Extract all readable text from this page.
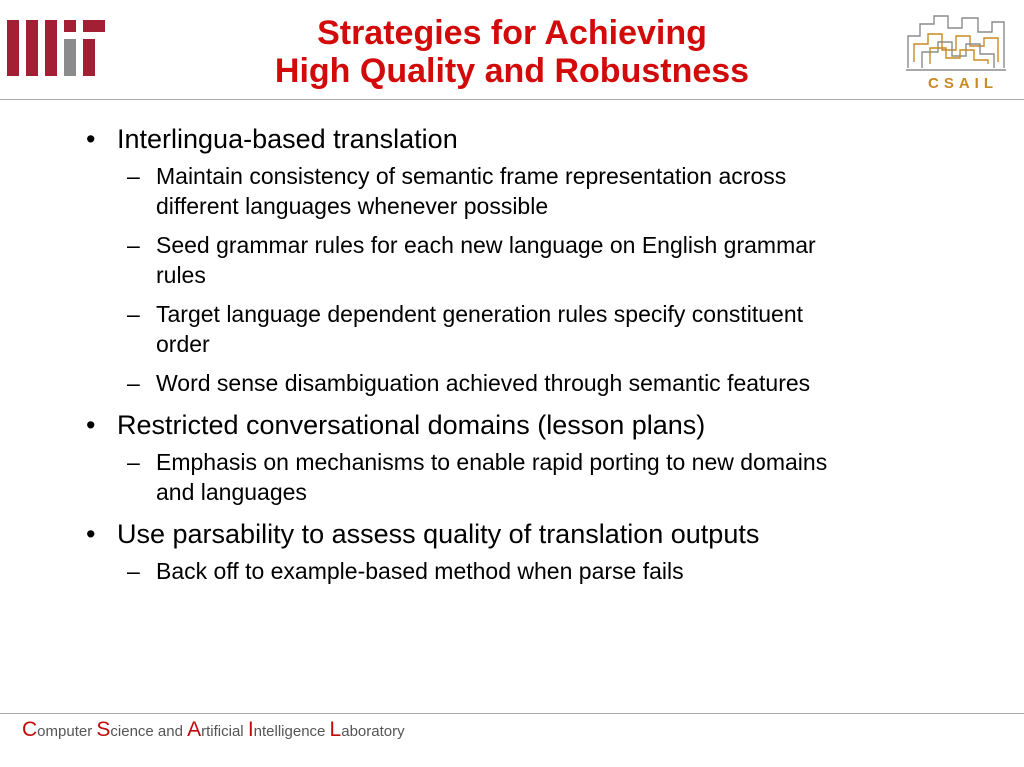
CSAIL
Strategies for Achieving
High Quality and Robustness
• Interlingua-based translation
– Maintain consistency of semantic frame representation across different languages whenever possible
– Seed grammar rules for each new language on English grammar rules
– Target language dependent generation rules specify constituent order
– Word sense disambiguation achieved through semantic features
• Restricted conversational domains (lesson plans)
– Emphasis on mechanisms to enable rapid porting to new domains and languages
• Use parsability to assess quality of translation outputs
– Back off to example-based method when parse fails
Computer Science and Artificial Intelligence Laboratory
